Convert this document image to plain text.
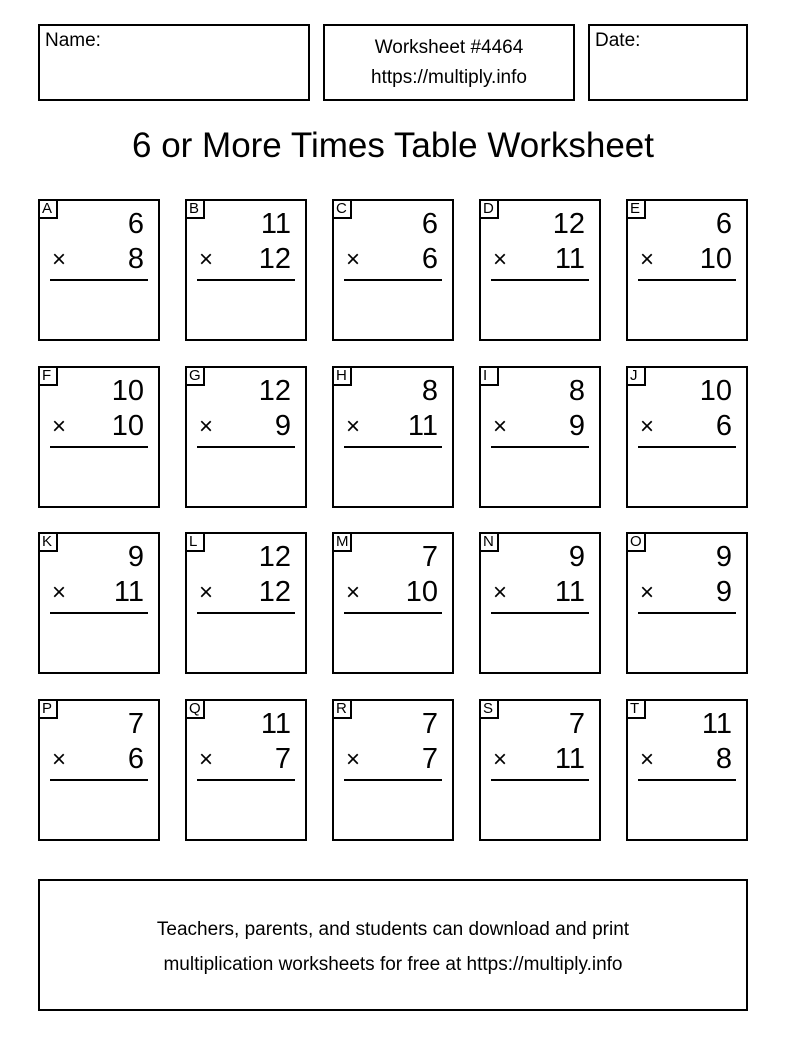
Name:	Worksheet #4464
https://multiply.info
Date:
6 or More Times Table Worksheet
A	6
× 8
B 11
× 12
C	6
× 6
D 12
× 11
E	6
× 10
F 10
× 10
G 12
× 9
H	8
× 11
I	8
× 9
J 10
× 6
K	9
× 11
L 12
× 12
M	7
× 10
N	9
× 11
O	9
× 9
P	7
× 6
Q 11
× 7
R	7
× 7
S	7
× 11
T 11
× 8
Teachers, parents, and students can download and print
multiplication worksheets for free at https://multiply.info
